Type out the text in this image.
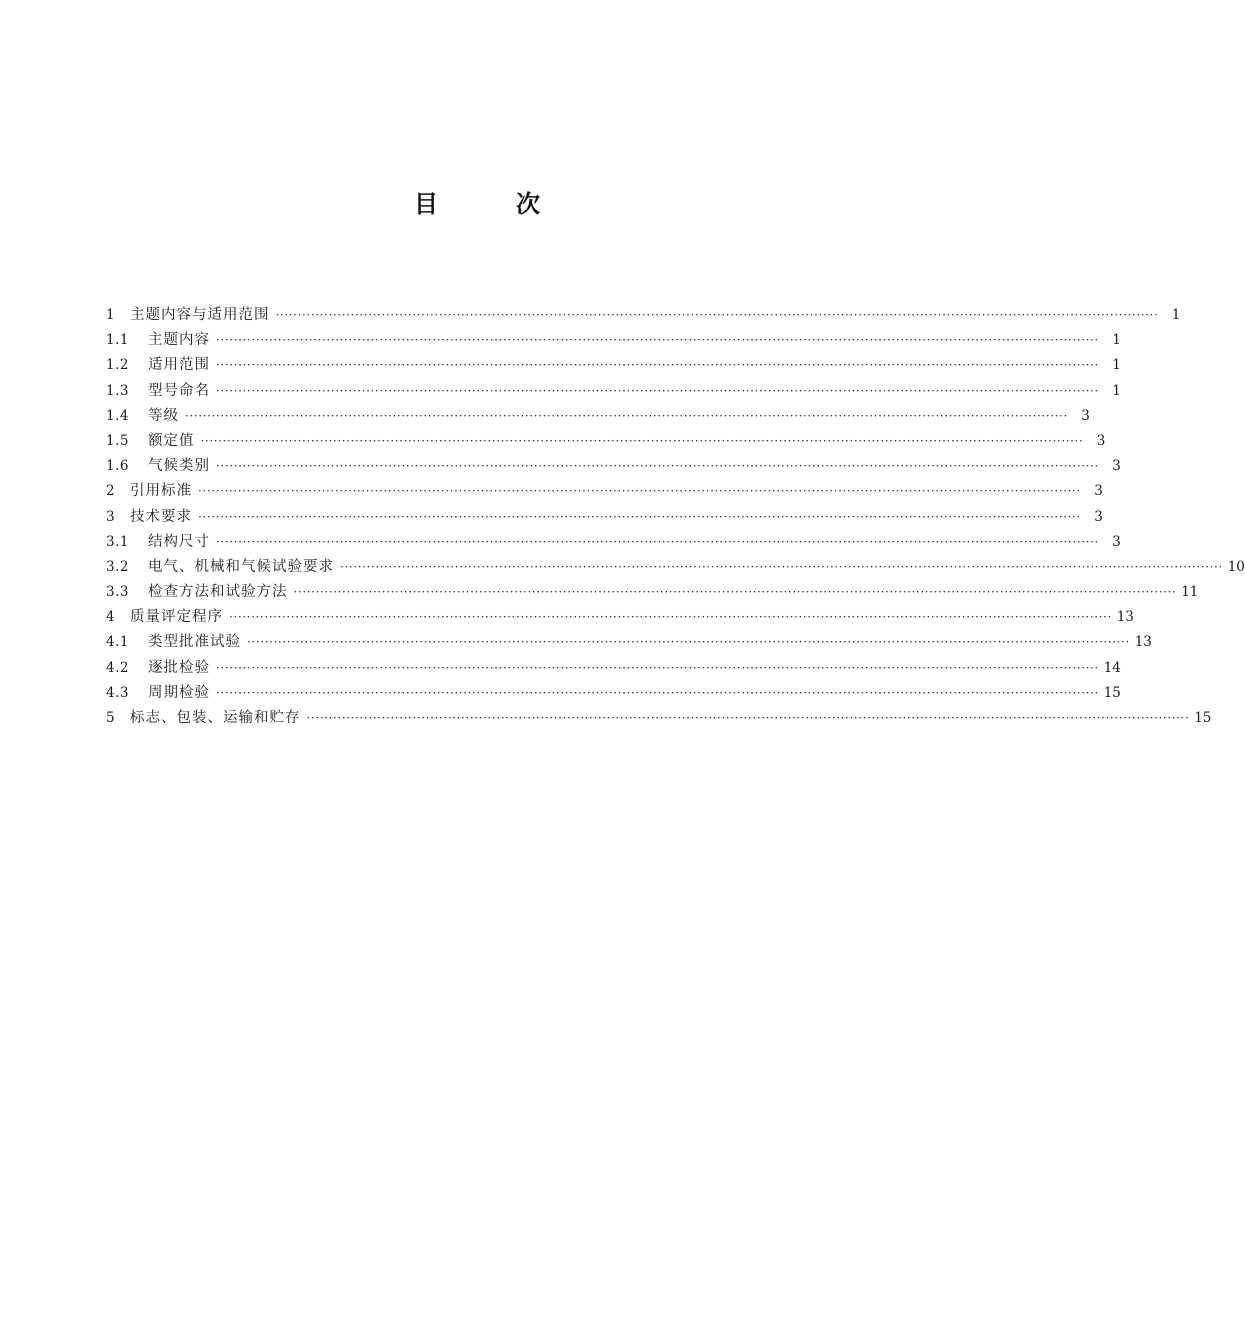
目	次
1	主题内容与适用范围 ········································································································································································································ 1
1.1	主题内容 ········································································································································································································ 1
1.2	适用范围 ········································································································································································································ 1
1.3	型号命名 ········································································································································································································ 1
1.4	等级 ········································································································································································································ 3
1.5	额定值 ········································································································································································································ 3
1.6	气候类别 ········································································································································································································ 3
2	引用标准 ········································································································································································································ 3
3	技术要求 ········································································································································································································ 3
3.1	结构尺寸 ········································································································································································································ 3
3.2	电气、机械和气候试验要求 ········································································································································································································ 10
3.3	检查方法和试验方法 ········································································································································································································ 11
4	质量评定程序 ········································································································································································································ 13
4.1	类型批准试验 ········································································································································································································ 13
4.2	逐批检验 ········································································································································································································ 14
4.3	周期检验 ········································································································································································································ 15
5	标志、包装、运输和贮存 ········································································································································································································ 15
